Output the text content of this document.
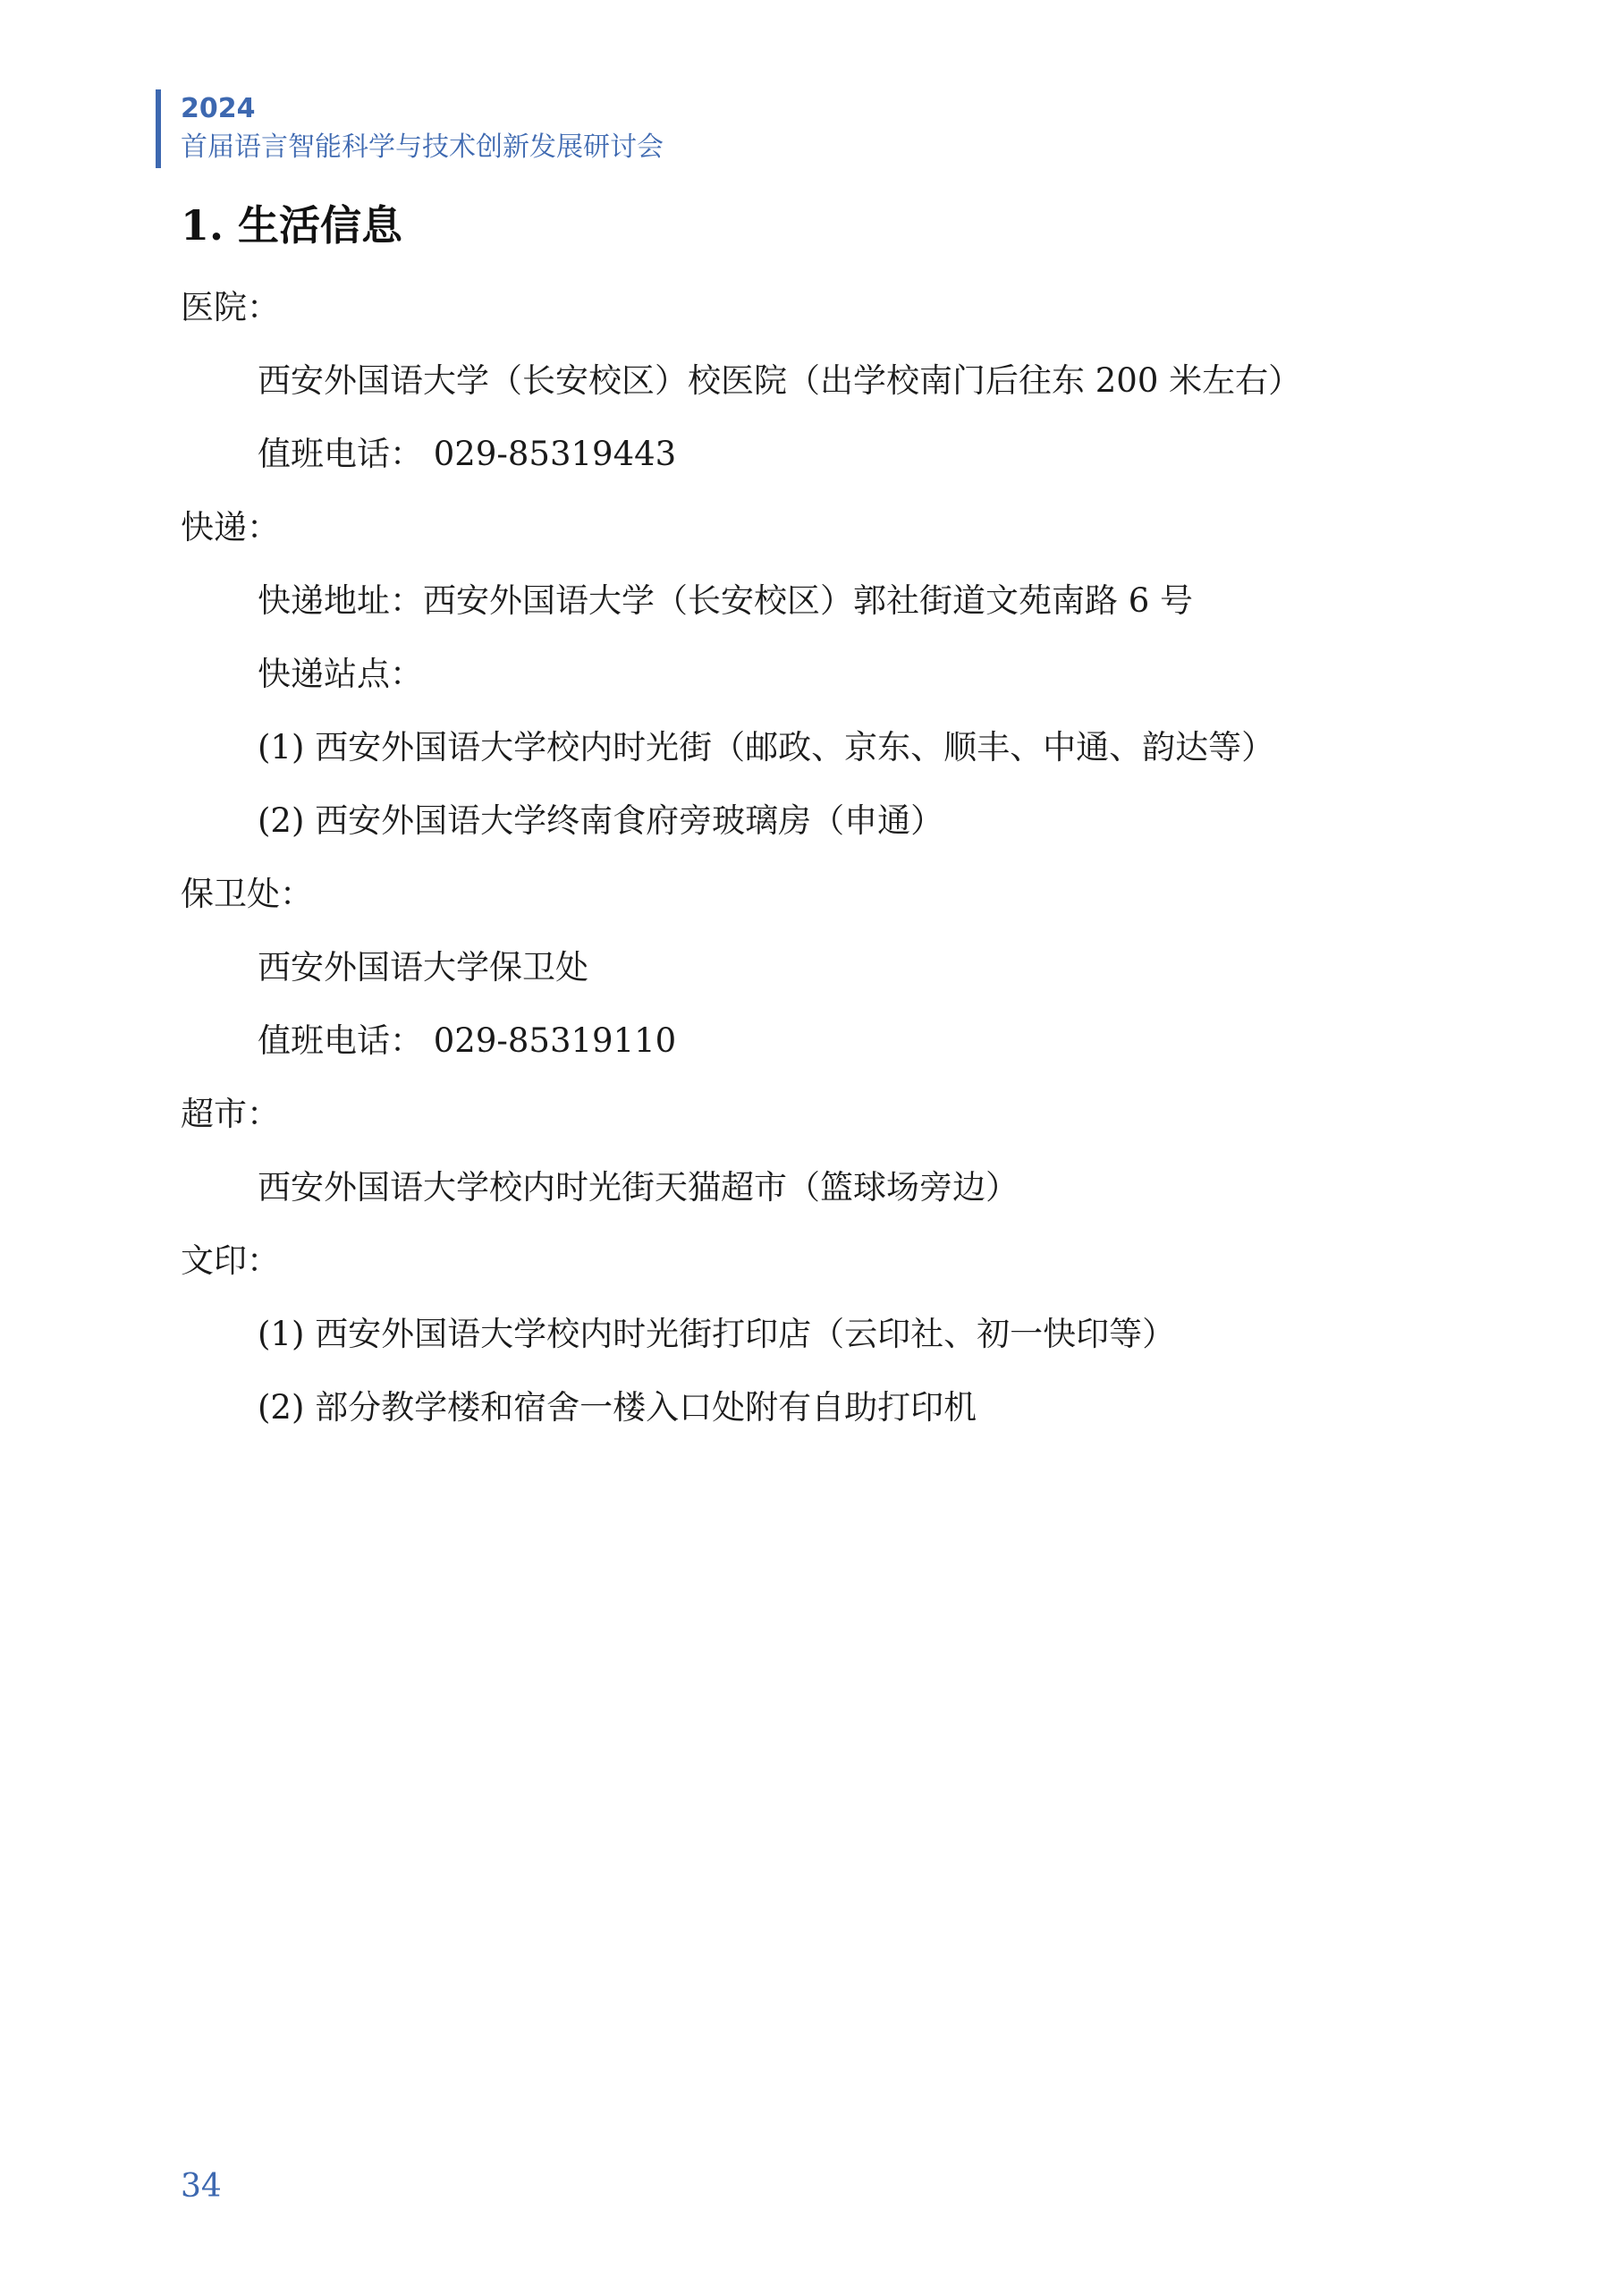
2024
首届语言智能科学与技术创新发展研讨会
1. 生活信息
医院：
西安外国语大学（长安校区）校医院（出学校南门后往东 200 米左右）
值班电话： 029-85319443
快递：
快递地址：西安外国语大学（长安校区）郭社街道文苑南路 6 号
快递站点：
(1) 西安外国语大学校内时光街（邮政、京东、顺丰、中通、韵达等）
(2) 西安外国语大学终南食府旁玻璃房（申通）
保卫处：
西安外国语大学保卫处
值班电话： 029-85319110
超市：
西安外国语大学校内时光街天猫超市（篮球场旁边）
文印：
(1) 西安外国语大学校内时光街打印店（云印社、初一快印等）
(2) 部分教学楼和宿舍一楼入口处附有自助打印机
34
